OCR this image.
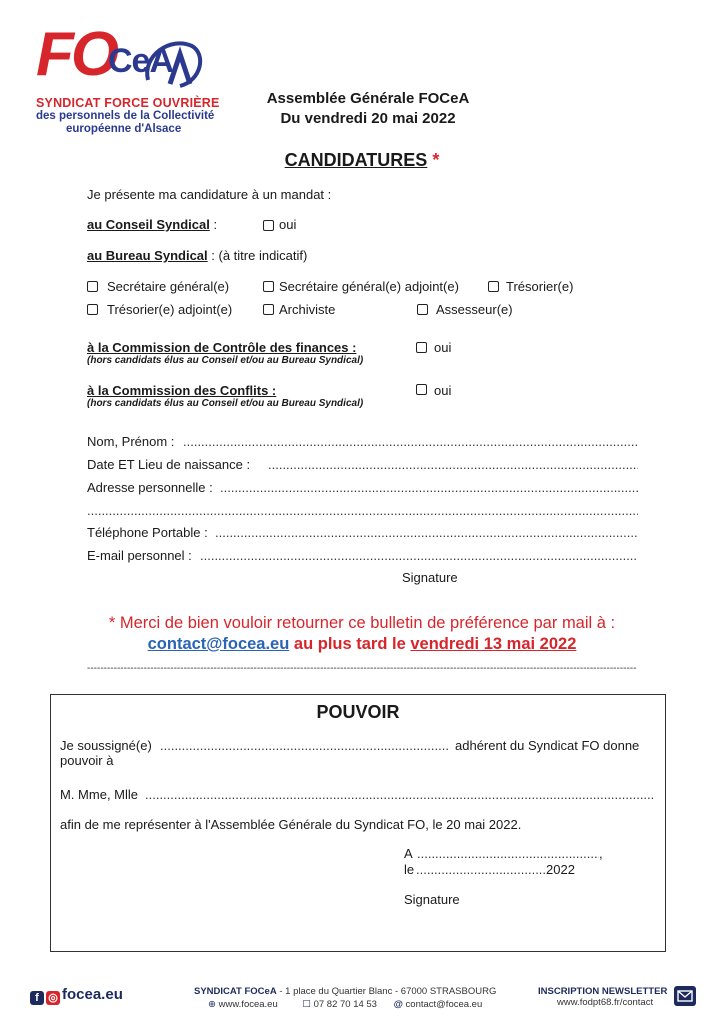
FO
CeA
SYNDICAT FORCE OUVRIÈRE
des personnels de la Collectivité
européenne d'Alsace
Assemblée Générale FOCeA
Du vendredi 20 mai 2022
CANDIDATURES *
Je présente ma candidature à un mandat :
au Conseil Syndical :	oui
au Bureau Syndical : (à titre indicatif)
Secrétaire général(e)	Secrétaire général(e) adjoint(e)	Trésorier(e)
Trésorier(e) adjoint(e)	Archiviste	Assesseur(e)
à la Commission de Contrôle des finances :
(hors candidats élus au Conseil et/ou au Bureau Syndical)
oui
à la Commission des Conflits :
(hors candidats élus au Conseil et/ou au Bureau Syndical)
oui
Nom, Prénom :
.....
Date ET Lieu de naissance :
.....
Adresse personnelle :
.....
.....
Téléphone Portable :
.....
E-mail personnel :
.....
Signature
* Merci de bien vouloir retourner ce bulletin de préférence par mail à :
contact@focea.eu au plus tard le vendredi 13 mai 2022
-----
POUVOIR
Je soussigné(e) .....	adhérent du Syndicat FO donne
pouvoir à
M. Mme, Mlle
.....
afin de me représenter à l'Assemblée Générale du Syndicat FO, le 20 mai 2022.
A .....	,
le .....	2022
Signature
f ◎ focea.eu	SYNDICAT FOCeA - 1 place du Quartier Blanc - 67000 STRASBOURG
⊕ www.focea.eu	☐ 07 82 70 14 53 @ contact@focea.eu
INSCRIPTION NEWSLETTER
www.fodpt68.fr/contact
